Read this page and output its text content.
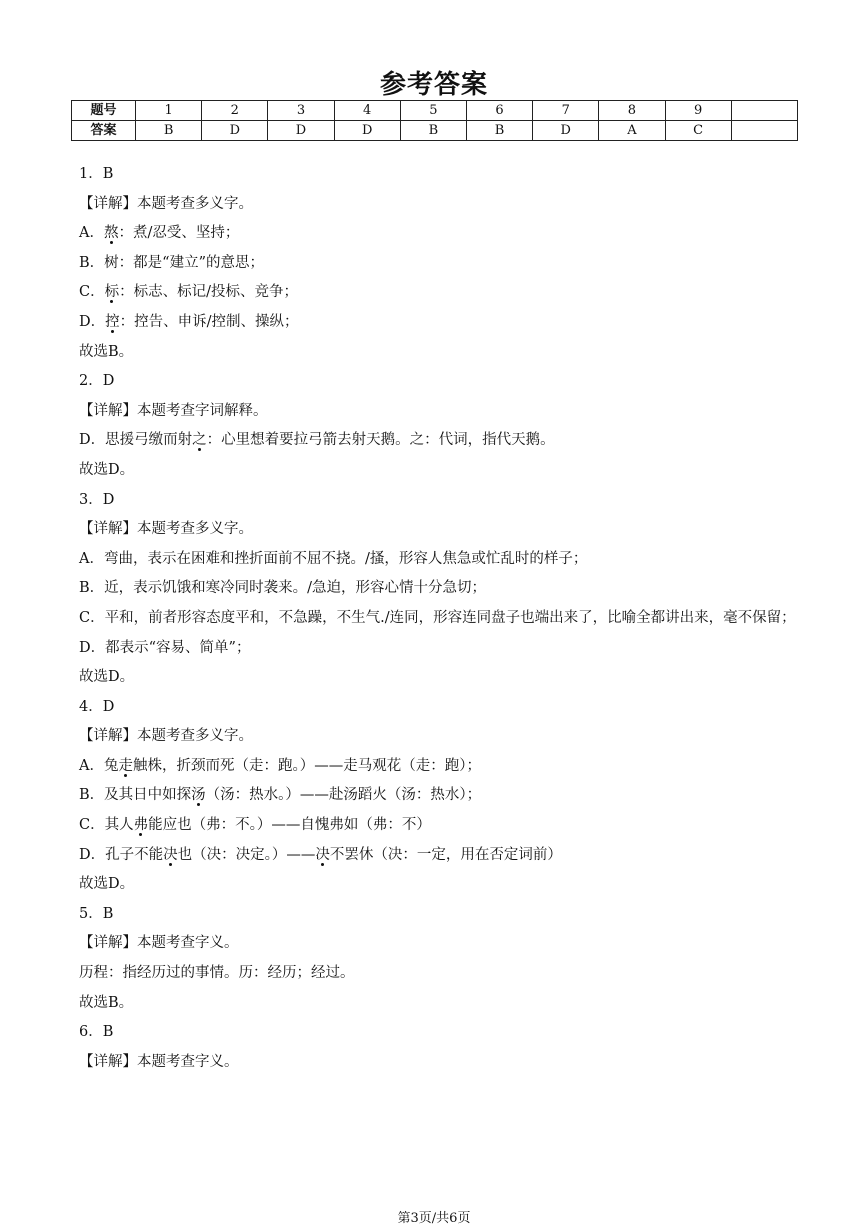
参考答案
题号	1	2	3	4	5	6	7	8	9	
答案	B	D	D	D	B	B	D	A	C	
1．B
【详解】本题考查多义字。
A．熬：煮/忍受、坚持；
B．树：都是“建立”的意思；
C．标：标志、标记/投标、竞争；
D．控：控告、申诉/控制、操纵；
故选B。
2．D
【详解】本题考查字词解释。
D．思援弓缴而射之：心里想着要拉弓箭去射天鹅。之：代词，指代天鹅。
故选D。
3．D
【详解】本题考查多义字。
A．弯曲，表示在困难和挫折面前不屈不挠。/搔，形容人焦急或忙乱时的样子；
B．近，表示饥饿和寒冷同时袭来。/急迫，形容心情十分急切；
C．平和，前者形容态度平和，不急躁，不生气./连同，形容连同盘子也端出来了，比喻全都讲出来，毫不保留；
D．都表示“容易、简单”；
故选D。
4．D
【详解】本题考查多义字。
A．兔走触株，折颈而死（走：跑。）——走马观花（走：跑）；
B．及其日中如探汤（汤：热水。）——赴汤蹈火（汤：热水）；
C．其人弗能应也（弗：不。）——自愧弗如（弗：不）
D．孔子不能决也（决：决定。）——决不罢休（决：一定，用在否定词前）
故选D。
5．B
【详解】本题考查字义。
历程：指经历过的事情。历：经历；经过。
故选B。
6．B
【详解】本题考查字义。
第3页/共6页
